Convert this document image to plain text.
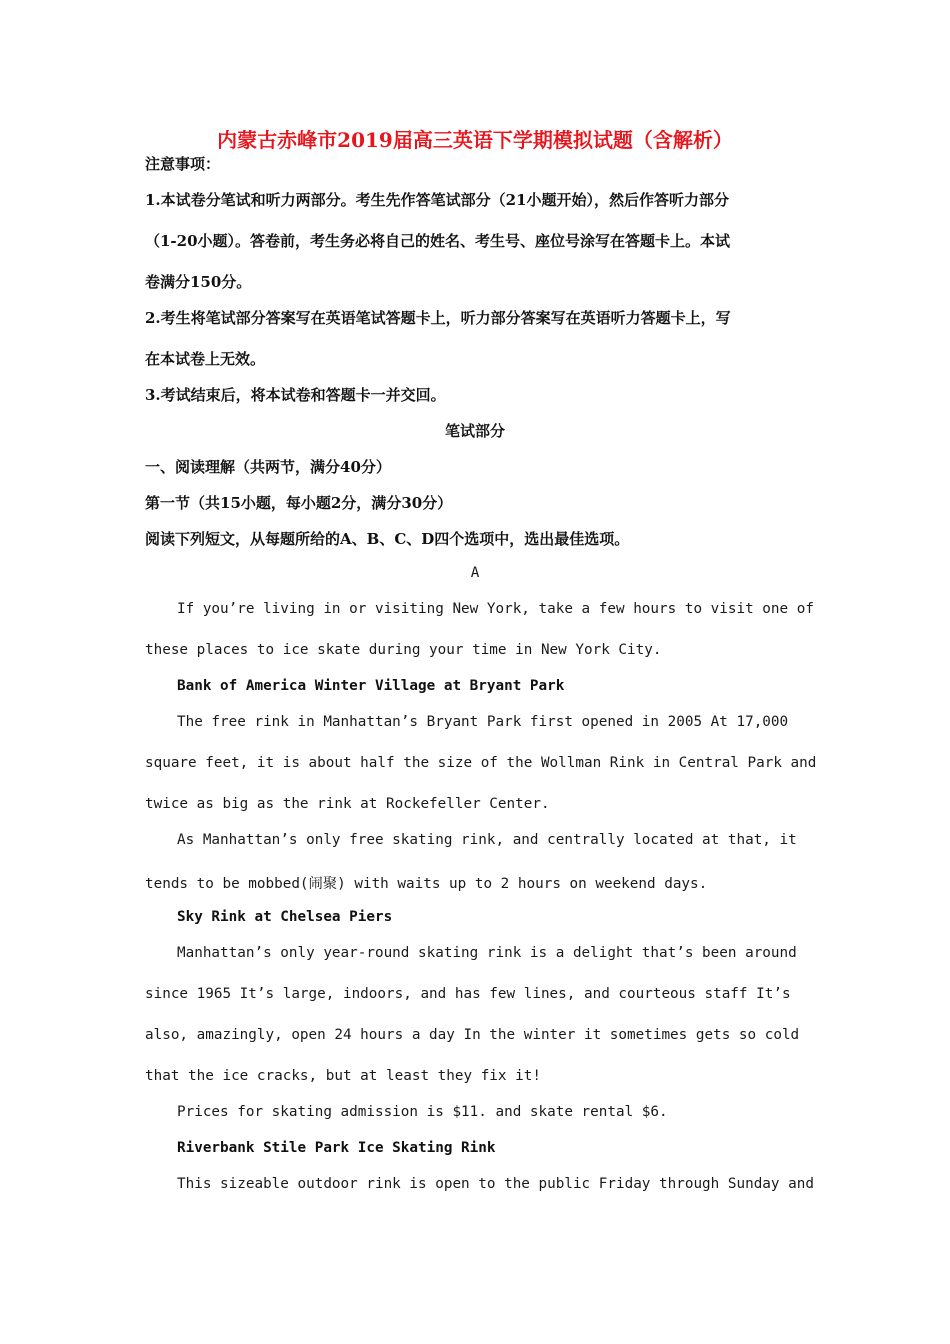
内蒙古赤峰市2019届高三英语下学期模拟试题（含解析）
注意事项：
1.本试卷分笔试和听力两部分。考生先作答笔试部分（21小题开始），然后作答听力部分
（1-20小题）。答卷前，考生务必将自己的姓名、考生号、座位号涂写在答题卡上。本试
卷满分150分。
2.考生将笔试部分答案写在英语笔试答题卡上，听力部分答案写在英语听力答题卡上，写
在本试卷上无效。
3.考试结束后，将本试卷和答题卡一并交回。
笔试部分
一、阅读理解（共两节，满分40分）
第一节（共15小题，每小题2分，满分30分）
阅读下列短文，从每题所给的A、B、C、D四个选项中，选出最佳选项。
A
If you’re living in or visiting New York, take a few hours to visit one of
these places to ice skate during your time in New York City.
Bank of America Winter Village at Bryant Park
The free rink in Manhattan’s Bryant Park first opened in 2005 At 17,000
square feet, it is about half the size of the Wollman Rink in Central Park and
twice as big as the rink at Rockefeller Center.
As Manhattan’s only free skating rink, and centrally located at that, it
tends to be mobbed(闹聚) with waits up to 2 hours on weekend days.
Sky Rink at Chelsea Piers
Manhattan’s only year-round skating rink is a delight that’s been around
since 1965 It’s large, indoors, and has few lines, and courteous staff It’s
also, amazingly, open 24 hours a day In the winter it sometimes gets so cold
that the ice cracks, but at least they fix it!
Prices for skating admission is $11. and skate rental $6.
Riverbank Stile Park Ice Skating Rink
This sizeable outdoor rink is open to the public Friday through Sunday and
